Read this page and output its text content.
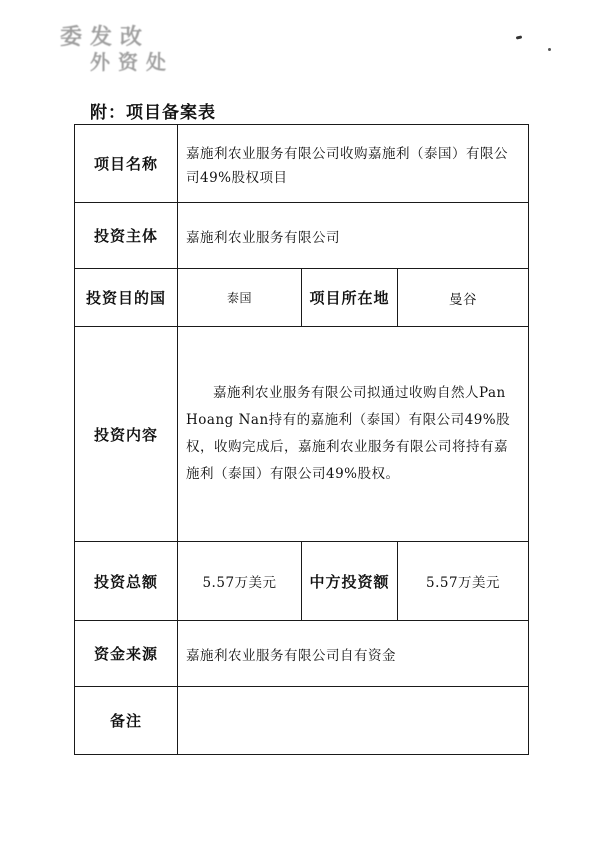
委发改
外资处
附：项目备案表
项目名称	嘉施利农业服务有限公司收购嘉施利（泰国）有限公司49%股权项目		

投资主体	嘉施利农业服务有限公司		
投资目的国	泰国	项目所在地	曼谷
投资内容	嘉施利农业服务有限公司拟通过收购自然人Pan Hoang Nan持有的嘉施利（泰国）有限公司49%股权，收购完成后，嘉施利农业服务有限公司将持有嘉施利（泰国）有限公司49%股权。		

投资总额	5.57万美元	中方投资额	5.57万美元
资金来源	嘉施利农业服务有限公司自有资金		
备注			
